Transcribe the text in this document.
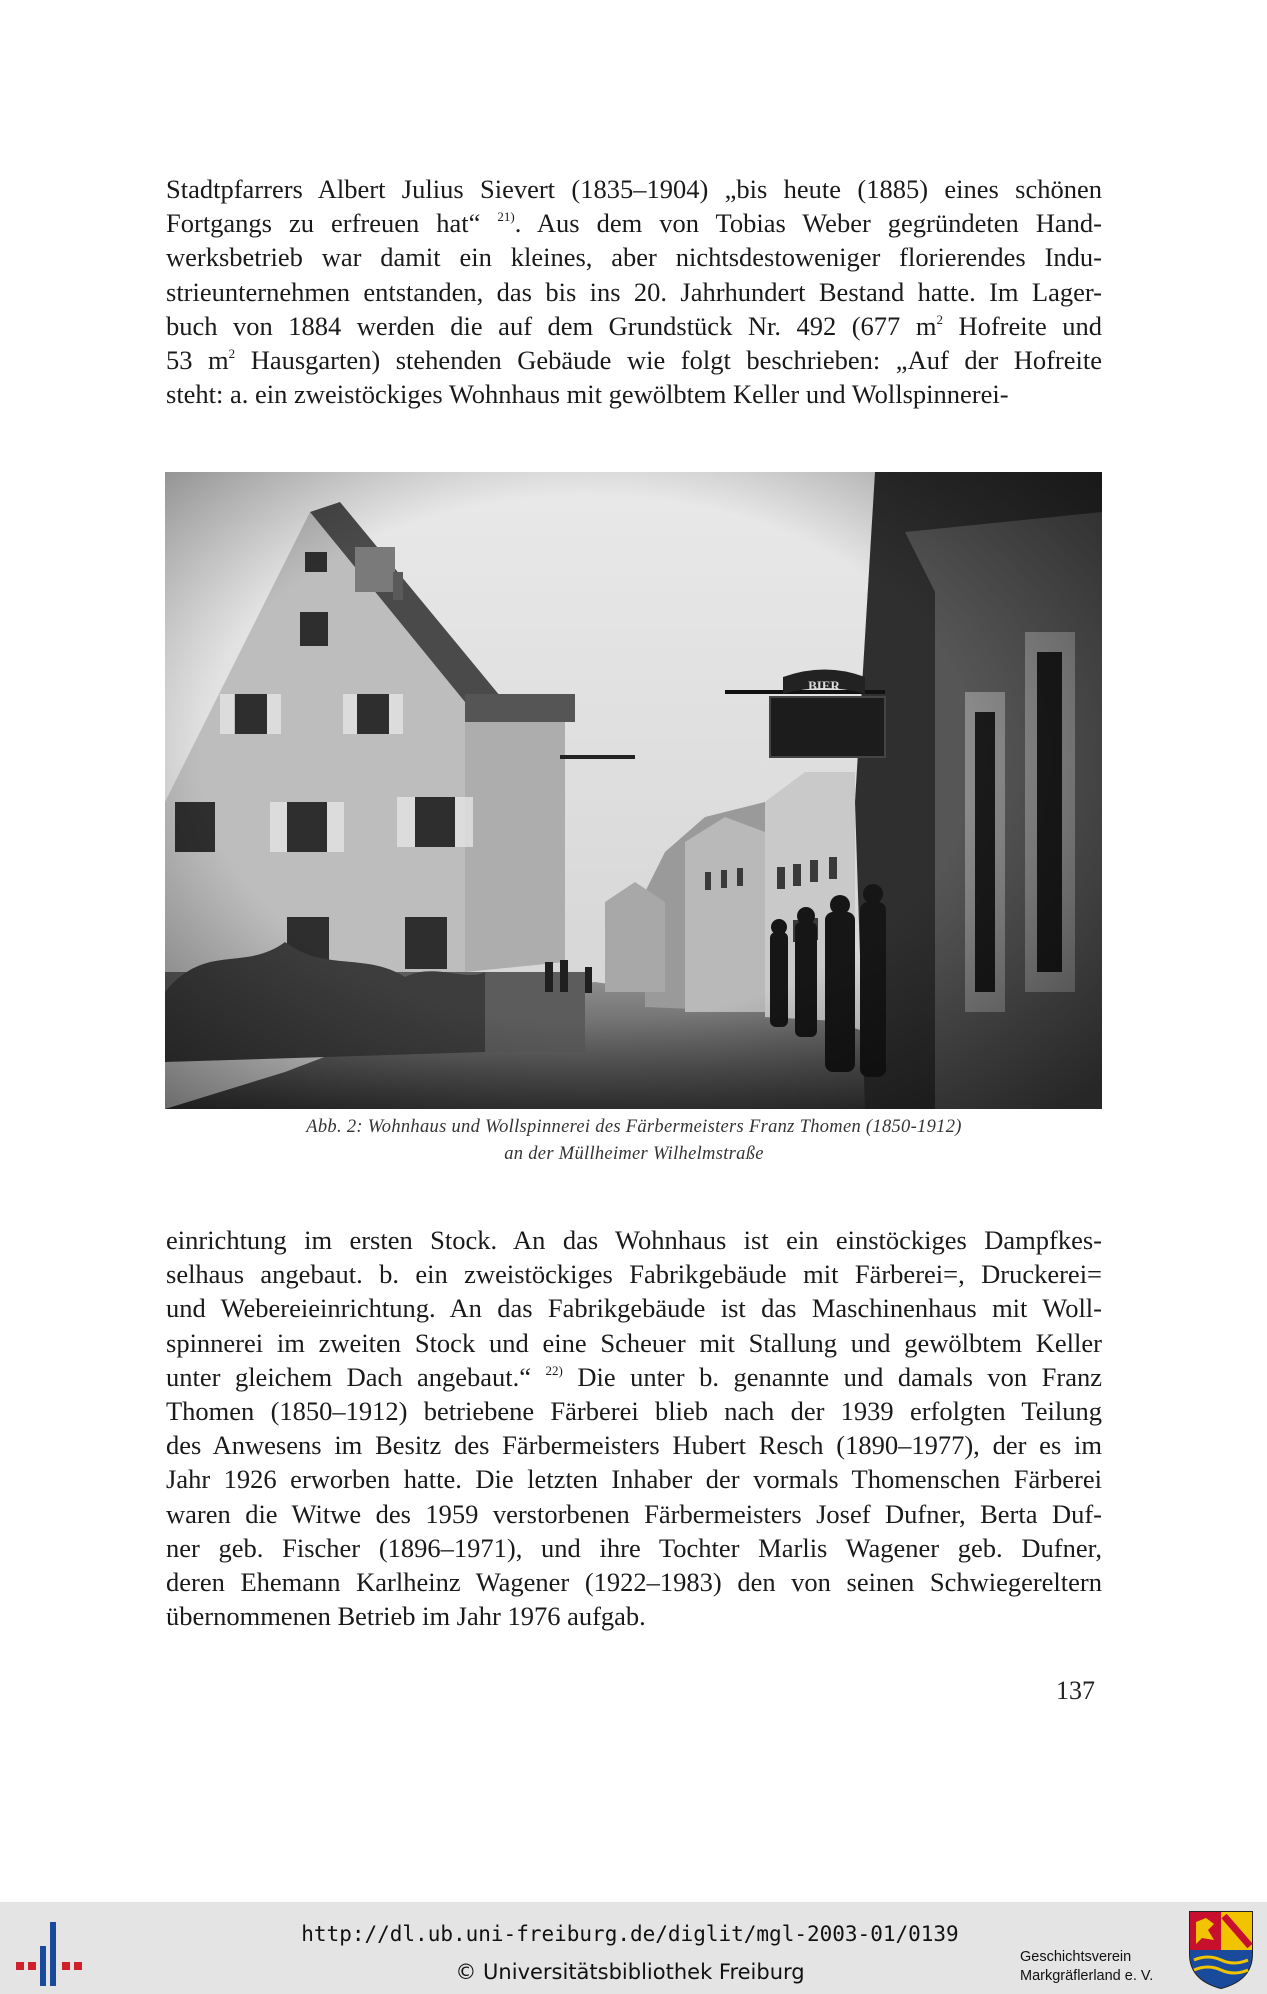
Stadtpfarrers Albert Julius Sievert (1835–1904) „bis heute (1885) eines schönen
Fortgangs zu erfreuen hat“ $^{21)}$. Aus dem von Tobias Weber gegründeten Hand-
werksbetrieb war damit ein kleines, aber nichtsdestoweniger florierendes Indu-
strieunternehmen entstanden, das bis ins 20. Jahrhundert Bestand hatte. Im Lager-
buch von 1884 werden die auf dem Grundstück Nr. 492 (677 $m^2$ Hofreite und
53 $m^2$ Hausgarten) stehenden Gebäude wie folgt beschrieben: „Auf der Hofreite
steht: a. ein zweistöckiges Wohnhaus mit gewölbtem Keller und Wollspinnerei-
Abb. 2: Wohnhaus und Wollspinnerei des Färbermeisters Franz Thomen (1850-1912)
an der Müllheimer Wilhelmstraße
einrichtung im ersten Stock. An das Wohnhaus ist ein einstöckiges Dampfkes-
selhaus angebaut. b. ein zweistöckiges Fabrikgebäude mit Färberei=, Druckerei=
und Webereieinrichtung. An das Fabrikgebäude ist das Maschinenhaus mit Woll-
spinnerei im zweiten Stock und eine Scheuer mit Stallung und gewölbtem Keller
unter gleichem Dach angebaut.“ $^{22)}$ Die unter b. genannte und damals von Franz
Thomen (1850–1912) betriebene Färberei blieb nach der 1939 erfolgten Teilung
des Anwesens im Besitz des Färbermeisters Hubert Resch (1890–1977), der es im
Jahr 1926 erworben hatte. Die letzten Inhaber der vormals Thomenschen Färberei
waren die Witwe des 1959 verstorbenen Färbermeisters Josef Dufner, Berta Duf-
ner geb. Fischer (1896–1971), und ihre Tochter Marlis Wagener geb. Dufner,
deren Ehemann Karlheinz Wagener (1922–1983) den von seinen Schwiegereltern
übernommenen Betrieb im Jahr 1976 aufgab.
137
http://dl.ub.uni-freiburg.de/diglit/mgl-2003-01/0139
© Universitätsbibliothek Freiburg
Geschichtsverein
Markgräflerland e. V.
